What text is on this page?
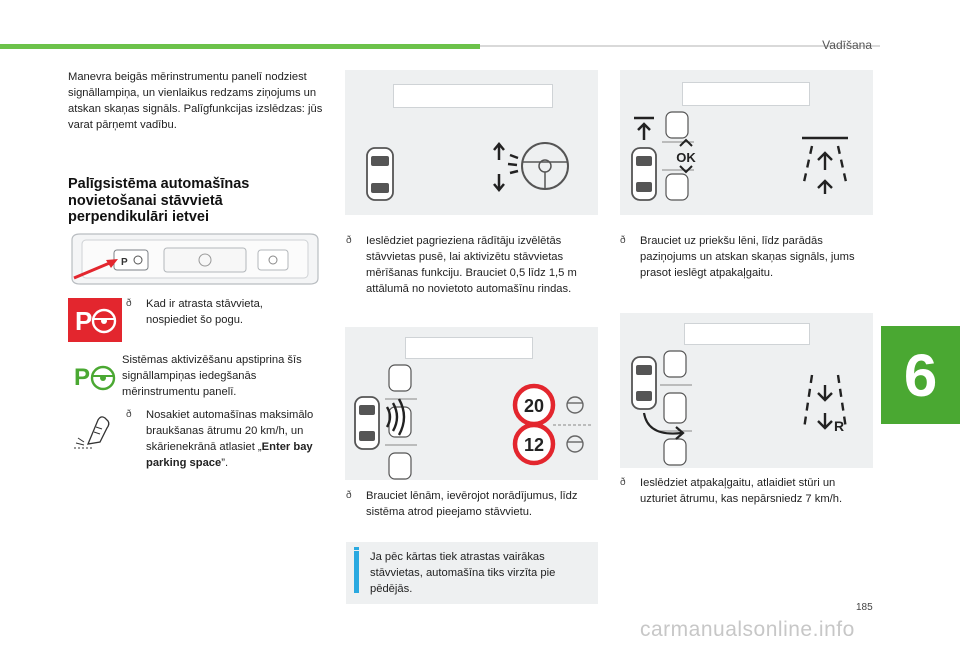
Vadīšana
6
Manevra beigās mērinstrumentu panelī nodziest signāllampiņa, un vienlaikus redzams ziņojums un atskan skaņas signāls. Palīgfunkcijas izslēdzas: jūs varat pārņemt vadību.
Palīgsistēma automašīnas novietošanai stāvvietā perpendikulāri ietvei
P
P
ð Kad ir atrasta stāvvieta, nospiediet šo pogu.
P
Sistēmas aktivizēšanu apstiprina šīs signāllampiņas iedegšanās mērinstrumentu panelī.
ð Nosakiet automašīnas maksimālo braukšanas ātrumu 20 km/h, un skārienekrānā atlasiet „Enter bay parking space”.
ð Ieslēdziet pagrieziena rādītāju izvēlētās stāvvietas pusē, lai aktivizētu stāvvietas mērīšanas funkciju. Brauciet 0,5 līdz 1,5 m attālumā no novietoto automašīnu rindas.
20
12
ð Brauciet lēnām, ievērojot norādījumus, līdz sistēma atrod pieejamo stāvvietu.
Ja pēc kārtas tiek atrastas vairākas stāvvietas, automašīna tiks virzīta pie pēdējās.
OK
ð Brauciet uz priekšu lēni, līdz parādās paziņojums un atskan skaņas signāls, jums prasot ieslēgt atpakaļgaitu.
R
ð Ieslēdziet atpakaļgaitu, atlaidiet stūri un uzturiet ātrumu, kas nepārsniedz 7 km/h.
185
carmanualsonline.info
